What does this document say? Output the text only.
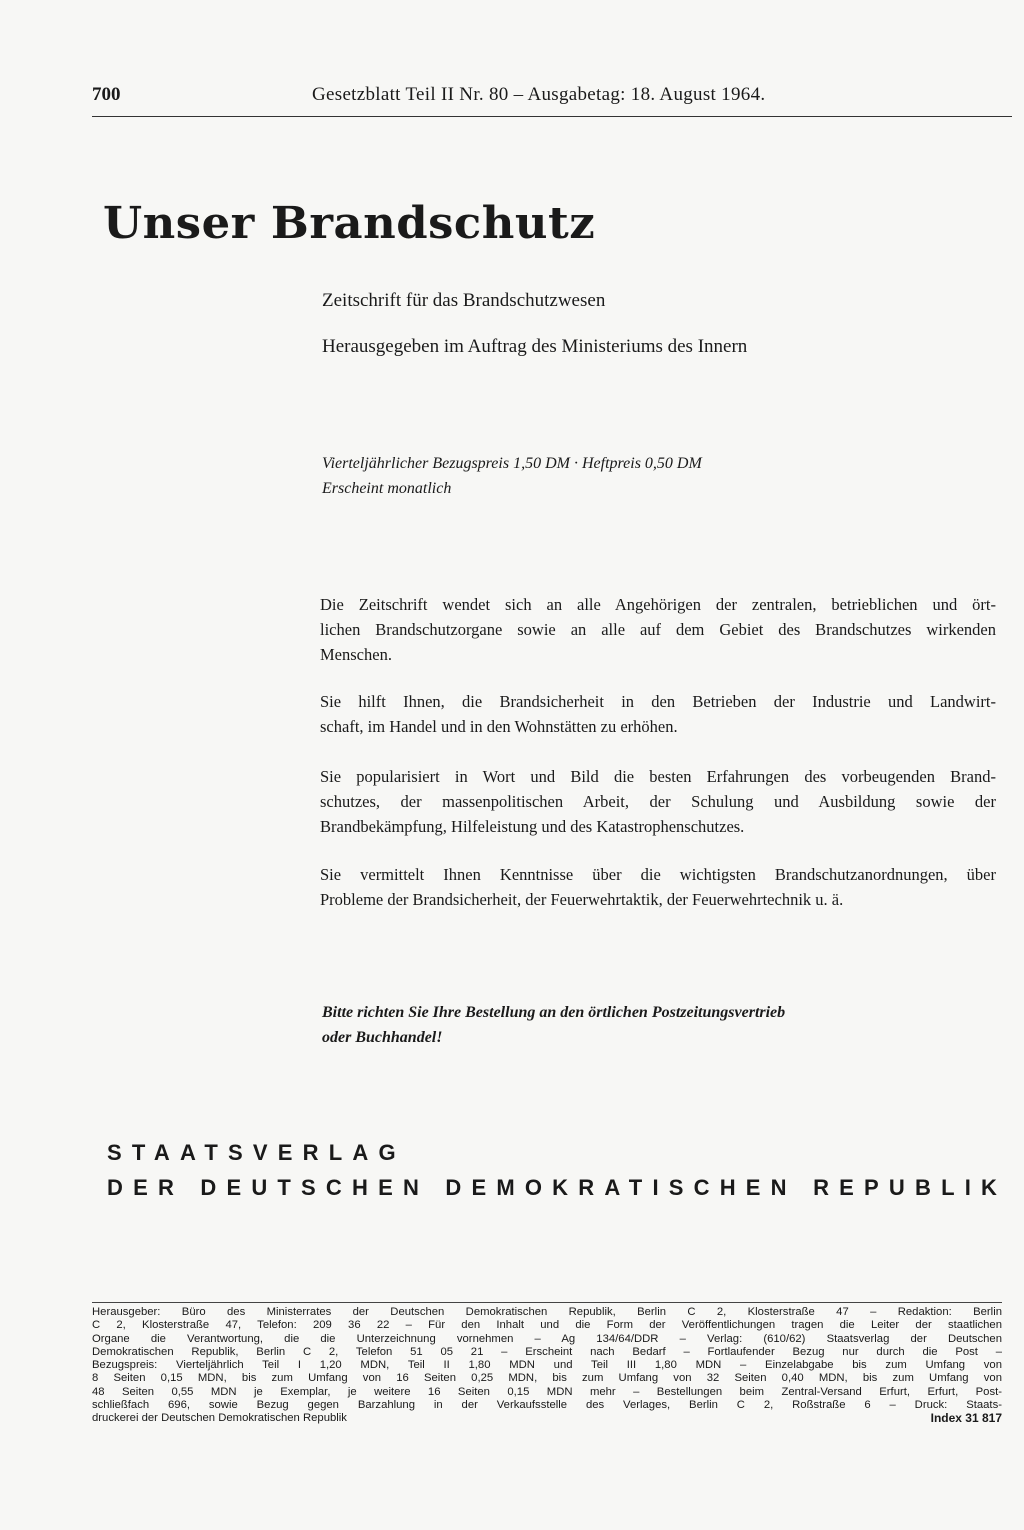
700	Gesetzblatt Teil II Nr. 80 – Ausgabetag: 18. August 1964.
Unser Brandschutz
Zeitschrift für das Brandschutzwesen
Herausgegeben im Auftrag des Ministeriums des Innern
Vierteljährlicher Bezugspreis 1,50 DM · Heftpreis 0,50 DM
Erscheint monatlich
Die Zeitschrift wendet sich an alle Angehörigen der zentralen, betrieblichen und ört-
lichen Brandschutzorgane sowie an alle auf dem Gebiet des Brandschutzes wirkenden
Menschen.
Sie hilft Ihnen, die Brandsicherheit in den Betrieben der Industrie und Landwirt-
schaft, im Handel und in den Wohnstätten zu erhöhen.
Sie popularisiert in Wort und Bild die besten Erfahrungen des vorbeugenden Brand-
schutzes, der massenpolitischen Arbeit, der Schulung und Ausbildung sowie der
Brandbekämpfung, Hilfeleistung und des Katastrophenschutzes.
Sie vermittelt Ihnen Kenntnisse über die wichtigsten Brandschutzanordnungen, über
Probleme der Brandsicherheit, der Feuerwehrtaktik, der Feuerwehrtechnik u. ä.
Bitte richten Sie Ihre Bestellung an den örtlichen Postzeitungsvertrieb
oder Buchhandel!
STAATSVERLAG
DER DEUTSCHEN DEMOKRATISCHEN REPUBLIK
Herausgeber: Büro des Ministerrates der Deutschen Demokratischen Republik, Berlin C 2, Klosterstraße 47 – Redaktion: Berlin
C 2, Klosterstraße 47, Telefon: 209 36 22 – Für den Inhalt und die Form der Veröffentlichungen tragen die Leiter der staatlichen
Organe die Verantwortung, die die Unterzeichnung vornehmen – Ag 134/64/DDR – Verlag: (610/62) Staatsverlag der Deutschen
Demokratischen Republik, Berlin C 2, Telefon 51 05 21 – Erscheint nach Bedarf – Fortlaufender Bezug nur durch die Post –
Bezugspreis: Vierteljährlich Teil I 1,20 MDN, Teil II 1,80 MDN und Teil III 1,80 MDN – Einzelabgabe bis zum Umfang von
8 Seiten 0,15 MDN, bis zum Umfang von 16 Seiten 0,25 MDN, bis zum Umfang von 32 Seiten 0,40 MDN, bis zum Umfang von
48 Seiten 0,55 MDN je Exemplar, je weitere 16 Seiten 0,15 MDN mehr – Bestellungen beim Zentral-Versand Erfurt, Erfurt, Post-
schließfach 696, sowie Bezug gegen Barzahlung in der Verkaufsstelle des Verlages, Berlin C 2, Roßstraße 6 – Druck: Staats-
druckerei der Deutschen Demokratischen Republik	Index 31 817
